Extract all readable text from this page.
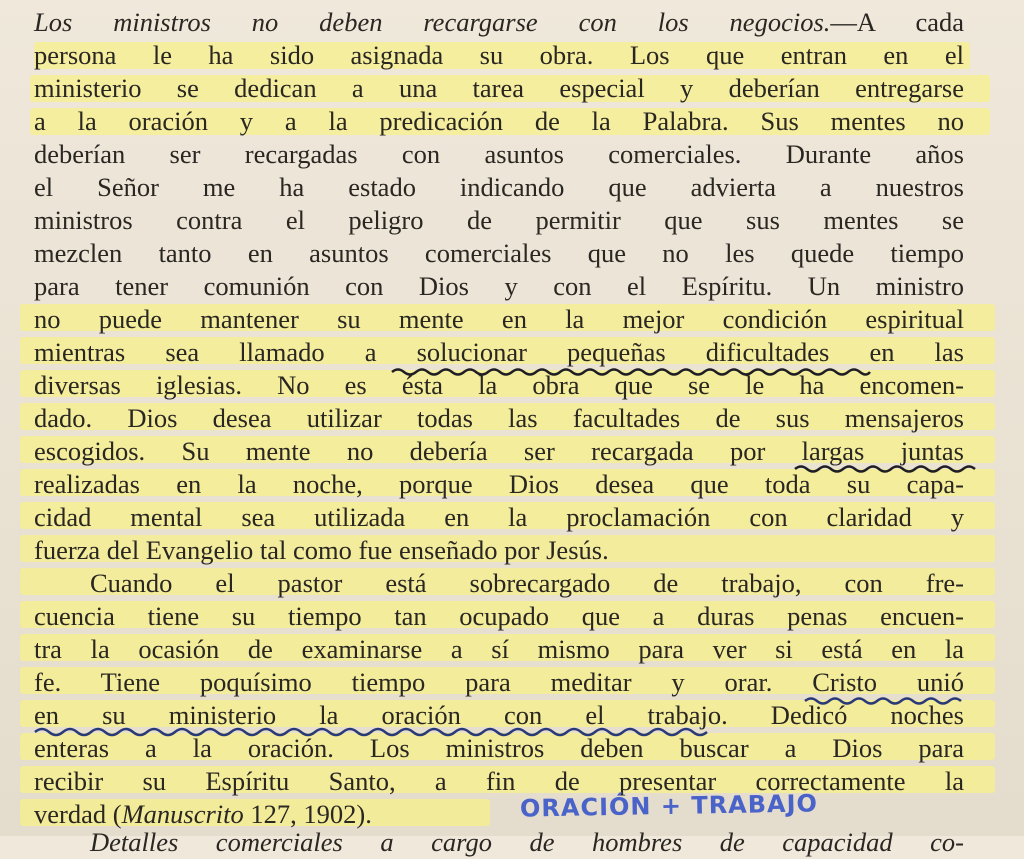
Los ministros no deben recargarse con los negocios.—A cada
persona le ha sido asignada su obra. Los que entran en el
ministerio se dedican a una tarea especial y deberían entregarse
a la oración y a la predicación de la Palabra. Sus mentes no
deberían ser recargadas con asuntos comerciales. Durante años
el Señor me ha estado indicando que advierta a nuestros
ministros contra el peligro de permitir que sus mentes se
mezclen tanto en asuntos comerciales que no les quede tiempo
para tener comunión con Dios y con el Espíritu. Un ministro
no puede mantener su mente en la mejor condición espiritual
mientras sea llamado a solucionar pequeñas dificultades en las
diversas iglesias. No es ésta la obra que se le ha encomen-
dado. Dios desea utilizar todas las facultades de sus mensajeros
escogidos. Su mente no debería ser recargada por largas juntas
realizadas en la noche, porque Dios desea que toda su capa-
cidad mental sea utilizada en la proclamación con claridad y
fuerza del Evangelio tal como fue enseñado por Jesús.
Cuando el pastor está sobrecargado de trabajo, con fre-
cuencia tiene su tiempo tan ocupado que a duras penas encuen-
tra la ocasión de examinarse a sí mismo para ver si está en la
fe. Tiene poquísimo tiempo para meditar y orar. Cristo unió
en su ministerio la oración con el trabajo. Dedicó noches
enteras a la oración. Los ministros deben buscar a Dios para
recibir su Espíritu Santo, a fin de presentar correctamente la
verdad (Manuscrito 127, 1902).
Detalles comerciales a cargo de hombres de capacidad co-
ORACIÓN + TRABAJO
